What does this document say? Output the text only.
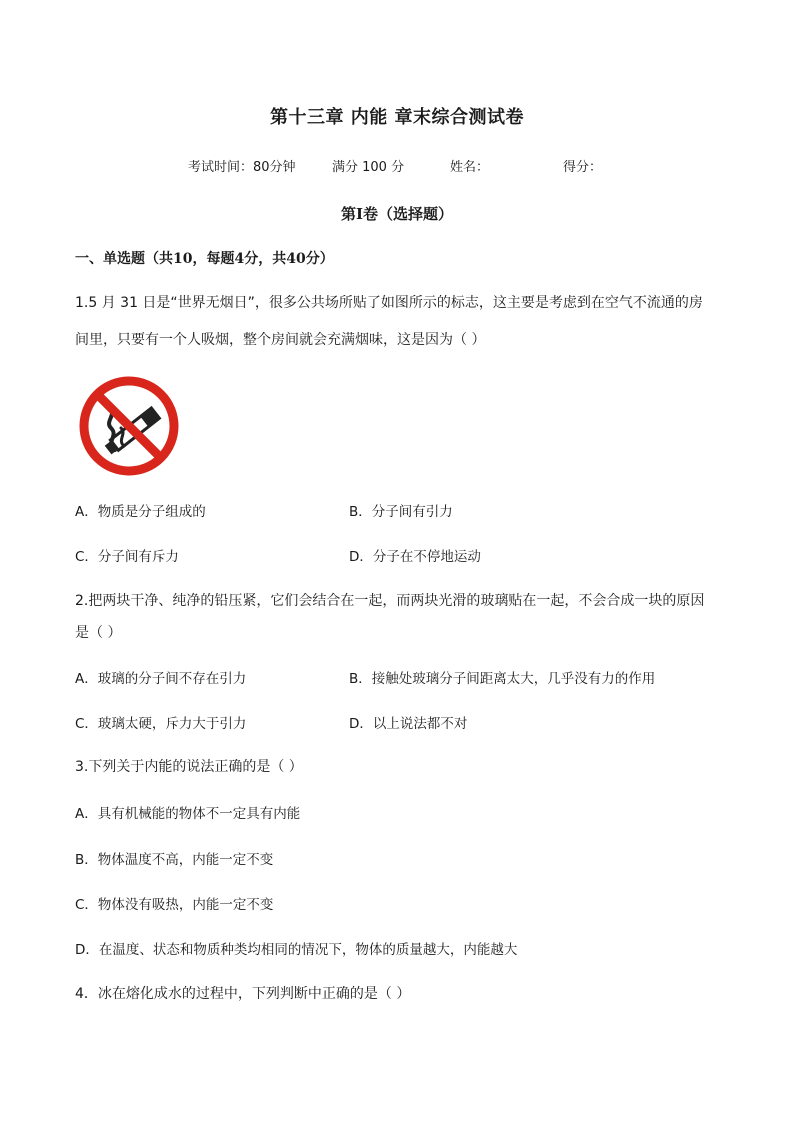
第十三章 内能 章末综合测试卷
考试时间：80分钟	满分 100 分	姓名：	得分：
第I卷（选择题）
一、单选题（共10，每题4分，共40分）
1.5 月 31 日是“世界无烟日”，很多公共场所贴了如图所示的标志，这主要是考虑到在空气不流通的房
间里，只要有一个人吸烟，整个房间就会充满烟味，这是因为（ ）
A．物质是分子组成的	B．分子间有引力
C．分子间有斥力	D．分子在不停地运动
2.把两块干净、纯净的铅压紧，它们会结合在一起，而两块光滑的玻璃贴在一起，不会合成一块的原因
是（ ）
A．玻璃的分子间不存在引力	B．接触处玻璃分子间距离太大，几乎没有力的作用
C．玻璃太硬，斥力大于引力	D．以上说法都不对
3.下列关于内能的说法正确的是（ ）
A．具有机械能的物体不一定具有内能
B．物体温度不高，内能一定不变
C．物体没有吸热，内能一定不变
D．在温度、状态和物质种类均相同的情况下，物体的质量越大，内能越大
4．冰在熔化成水的过程中，下列判断中正确的是（ ）
